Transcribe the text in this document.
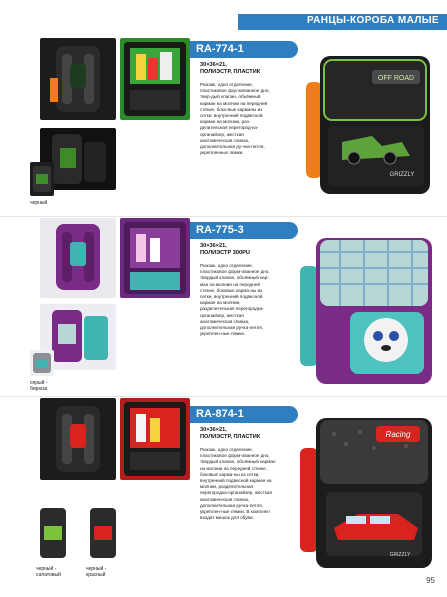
РАНЦЫ-КОРОБА МАЛЫЕ
черный
RA-774-1
30×36×21,
ПОЛИЭСТР, ПЛАСТИК
Рюкзак, одно отделение, пластиковое фор-мованное дно, твер-дый клапан, объёмный карман на молнии на передней стенке, боко-вые карманы из сетки, внутренний подвесной карман на молнии, раз-делительная перегород-ка-органайзер, жесткая анатомическая спинка, дополнительная ру-чка-петля, укрепленные лямки.
OFF ROAD
GRIZZLY
серый -
бирюза
RA-775-3
30×36×21,
ПОЛИЭСТР 300PU
Рюкзак, одно отделение, пластиковое форм-ованное дно, твердый клапан, объёмный кар-ман на молнии на передней стенке, боковые карма-ны из сетки, внутренний подвесной карман на молнии, разделительная перегородка-органайзер, жесткая анатомическая спинка, дополнительная ручка-петля, укреплен-ные лямки.
черный -
салатовый
черный -
красный
RA-874-1
30×36×21,
ПОЛИЭСТР, ПЛАСТИК
Рюкзак, одно отделение, пластиковое форм-ованное дно, твердый клапан, объёмный карман на молнии на передней стенке, боковые карма-ны из сетки, внутренний подвесной карман на молнии, разделительная перегородка-органайзер, жесткая анатомическая спинка, дополнительная ручка-петля, укреплен-ные лямки. В комплект входит мешок для обуви.
Racing
GRIZZLY
95
